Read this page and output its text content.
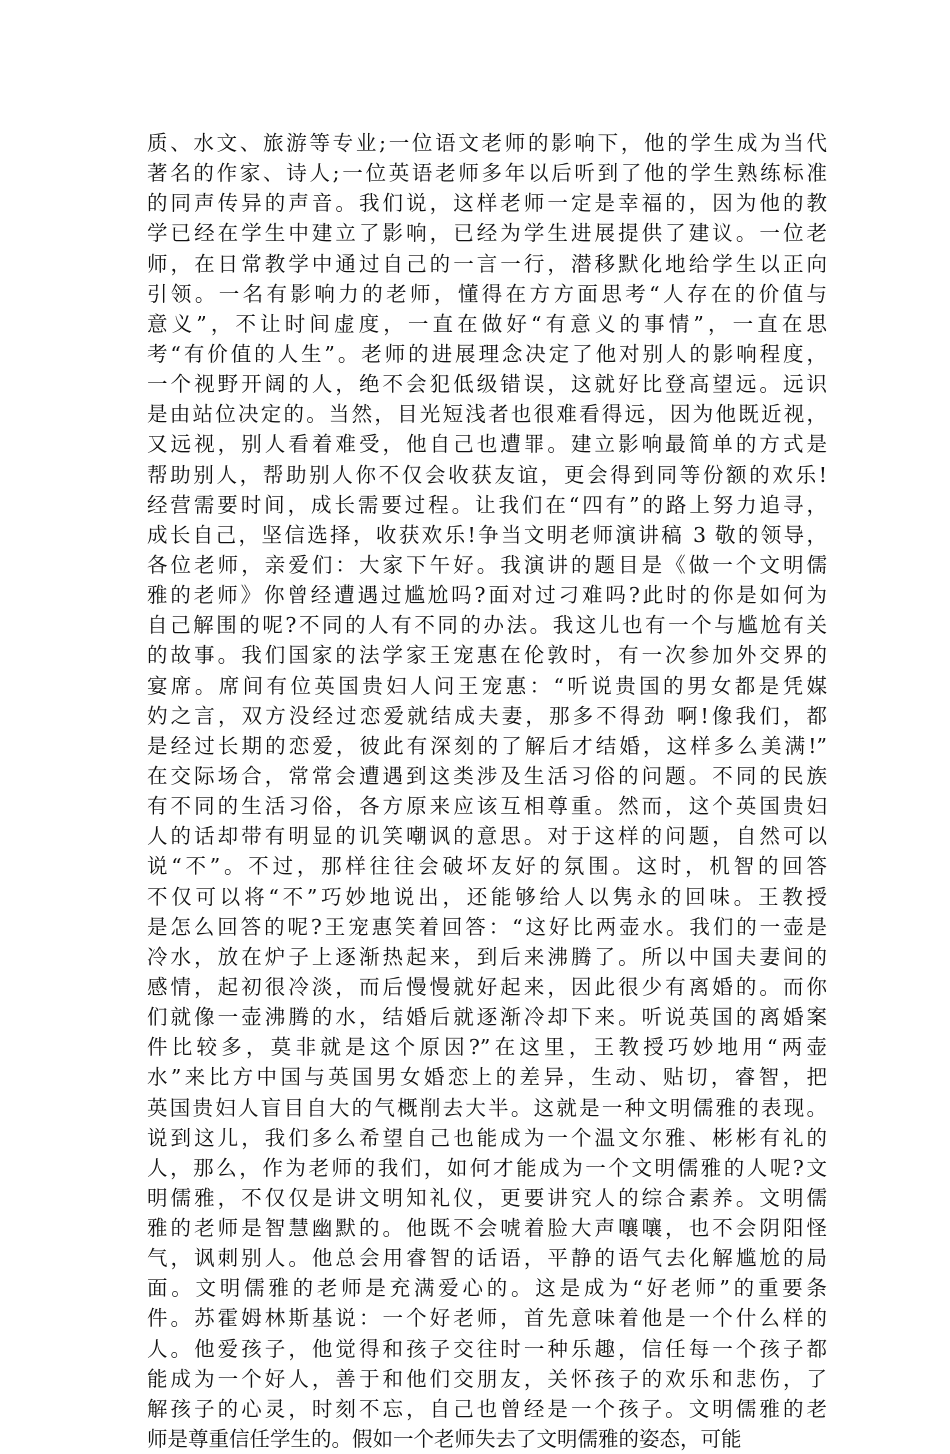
质、水文、旅游等专业;一位语文老师的影响下，他的学生成为当代
著名的作家、诗人;一位英语老师多年以后听到了他的学生熟练标准
的同声传异的声音。我们说，这样老师一定是幸福的，因为他的教
学已经在学生中建立了影响，已经为学生进展提供了建议。一位老
师，在日常教学中通过自己的一言一行，潜移默化地给学生以正向
引领。一名有影响力的老师，懂得在方方面思考“人存在的价值与
意义”，不让时间虚度，一直在做好“有意义的事情”，一直在思
考“有价值的人生”。老师的进展理念决定了他对别人的影响程度，
一个视野开阔的人，绝不会犯低级错误，这就好比登高望远。远识
是由站位决定的。当然，目光短浅者也很难看得远，因为他既近视，
又远视，别人看着难受，他自己也遭罪。建立影响最简单的方式是
帮助别人，帮助别人你不仅会收获友谊，更会得到同等份额的欢乐!
经营需要时间，成长需要过程。让我们在“四有”的路上努力追寻，
成长自己，坚信选择，收获欢乐!争当文明老师演讲稿 3 敬的领导，
各位老师，亲爱们：大家下午好。我演讲的题目是《做一个文明儒
雅的老师》你曾经遭遇过尴尬吗?面对过刁难吗?此时的你是如何为
自己解围的呢?不同的人有不同的办法。我这儿也有一个与尴尬有关
的故事。我们国家的法学家王宠惠在伦敦时，有一次参加外交界的
宴席。席间有位英国贵妇人问王宠惠：“听说贵国的男女都是凭媒
妁之言，双方没经过恋爱就结成夫妻，那多不得劲 啊!像我们，都
是经过长期的恋爱，彼此有深刻的了解后才结婚，这样多么美满!”
在交际场合，常常会遭遇到这类涉及生活习俗的问题。不同的民族
有不同的生活习俗，各方原来应该互相尊重。然而，这个英国贵妇
人的话却带有明显的讥笑嘲讽的意思。对于这样的问题，自然可以
说“不”。不过，那样往往会破坏友好的氛围。这时，机智的回答
不仅可以将“不”巧妙地说出，还能够给人以隽永的回味。王教授
是怎么回答的呢?王宠惠笑着回答：“这好比两壶水。我们的一壶是
冷水，放在炉子上逐渐热起来，到后来沸腾了。所以中国夫妻间的
感情，起初很冷淡，而后慢慢就好起来，因此很少有离婚的。而你
们就像一壶沸腾的水，结婚后就逐渐冷却下来。听说英国的离婚案
件比较多，莫非就是这个原因?”在这里，王教授巧妙地用“两壶
水”来比方中国与英国男女婚恋上的差异，生动、贴切，睿智，把
英国贵妇人盲目自大的气概削去大半。这就是一种文明儒雅的表现。
说到这儿，我们多么希望自己也能成为一个温文尔雅、彬彬有礼的
人，那么，作为老师的我们，如何才能成为一个文明儒雅的人呢?文
明儒雅，不仅仅是讲文明知礼仪，更要讲究人的综合素养。文明儒
雅的老师是智慧幽默的。他既不会唬着脸大声嚷嚷，也不会阴阳怪
气，讽刺别人。他总会用睿智的话语，平静的语气去化解尴尬的局
面。文明儒雅的老师是充满爱心的。这是成为“好老师”的重要条
件。苏霍姆林斯基说：一个好老师，首先意味着他是一个什么样的
人。他爱孩子，他觉得和孩子交往时一种乐趣，信任每一个孩子都
能成为一个好人，善于和他们交朋友，关怀孩子的欢乐和悲伤，了
解孩子的心灵，时刻不忘，自己也曾经是一个孩子。文明儒雅的老
师是尊重信任学生的。假如一个老师失去了文明儒雅的姿态，可能
